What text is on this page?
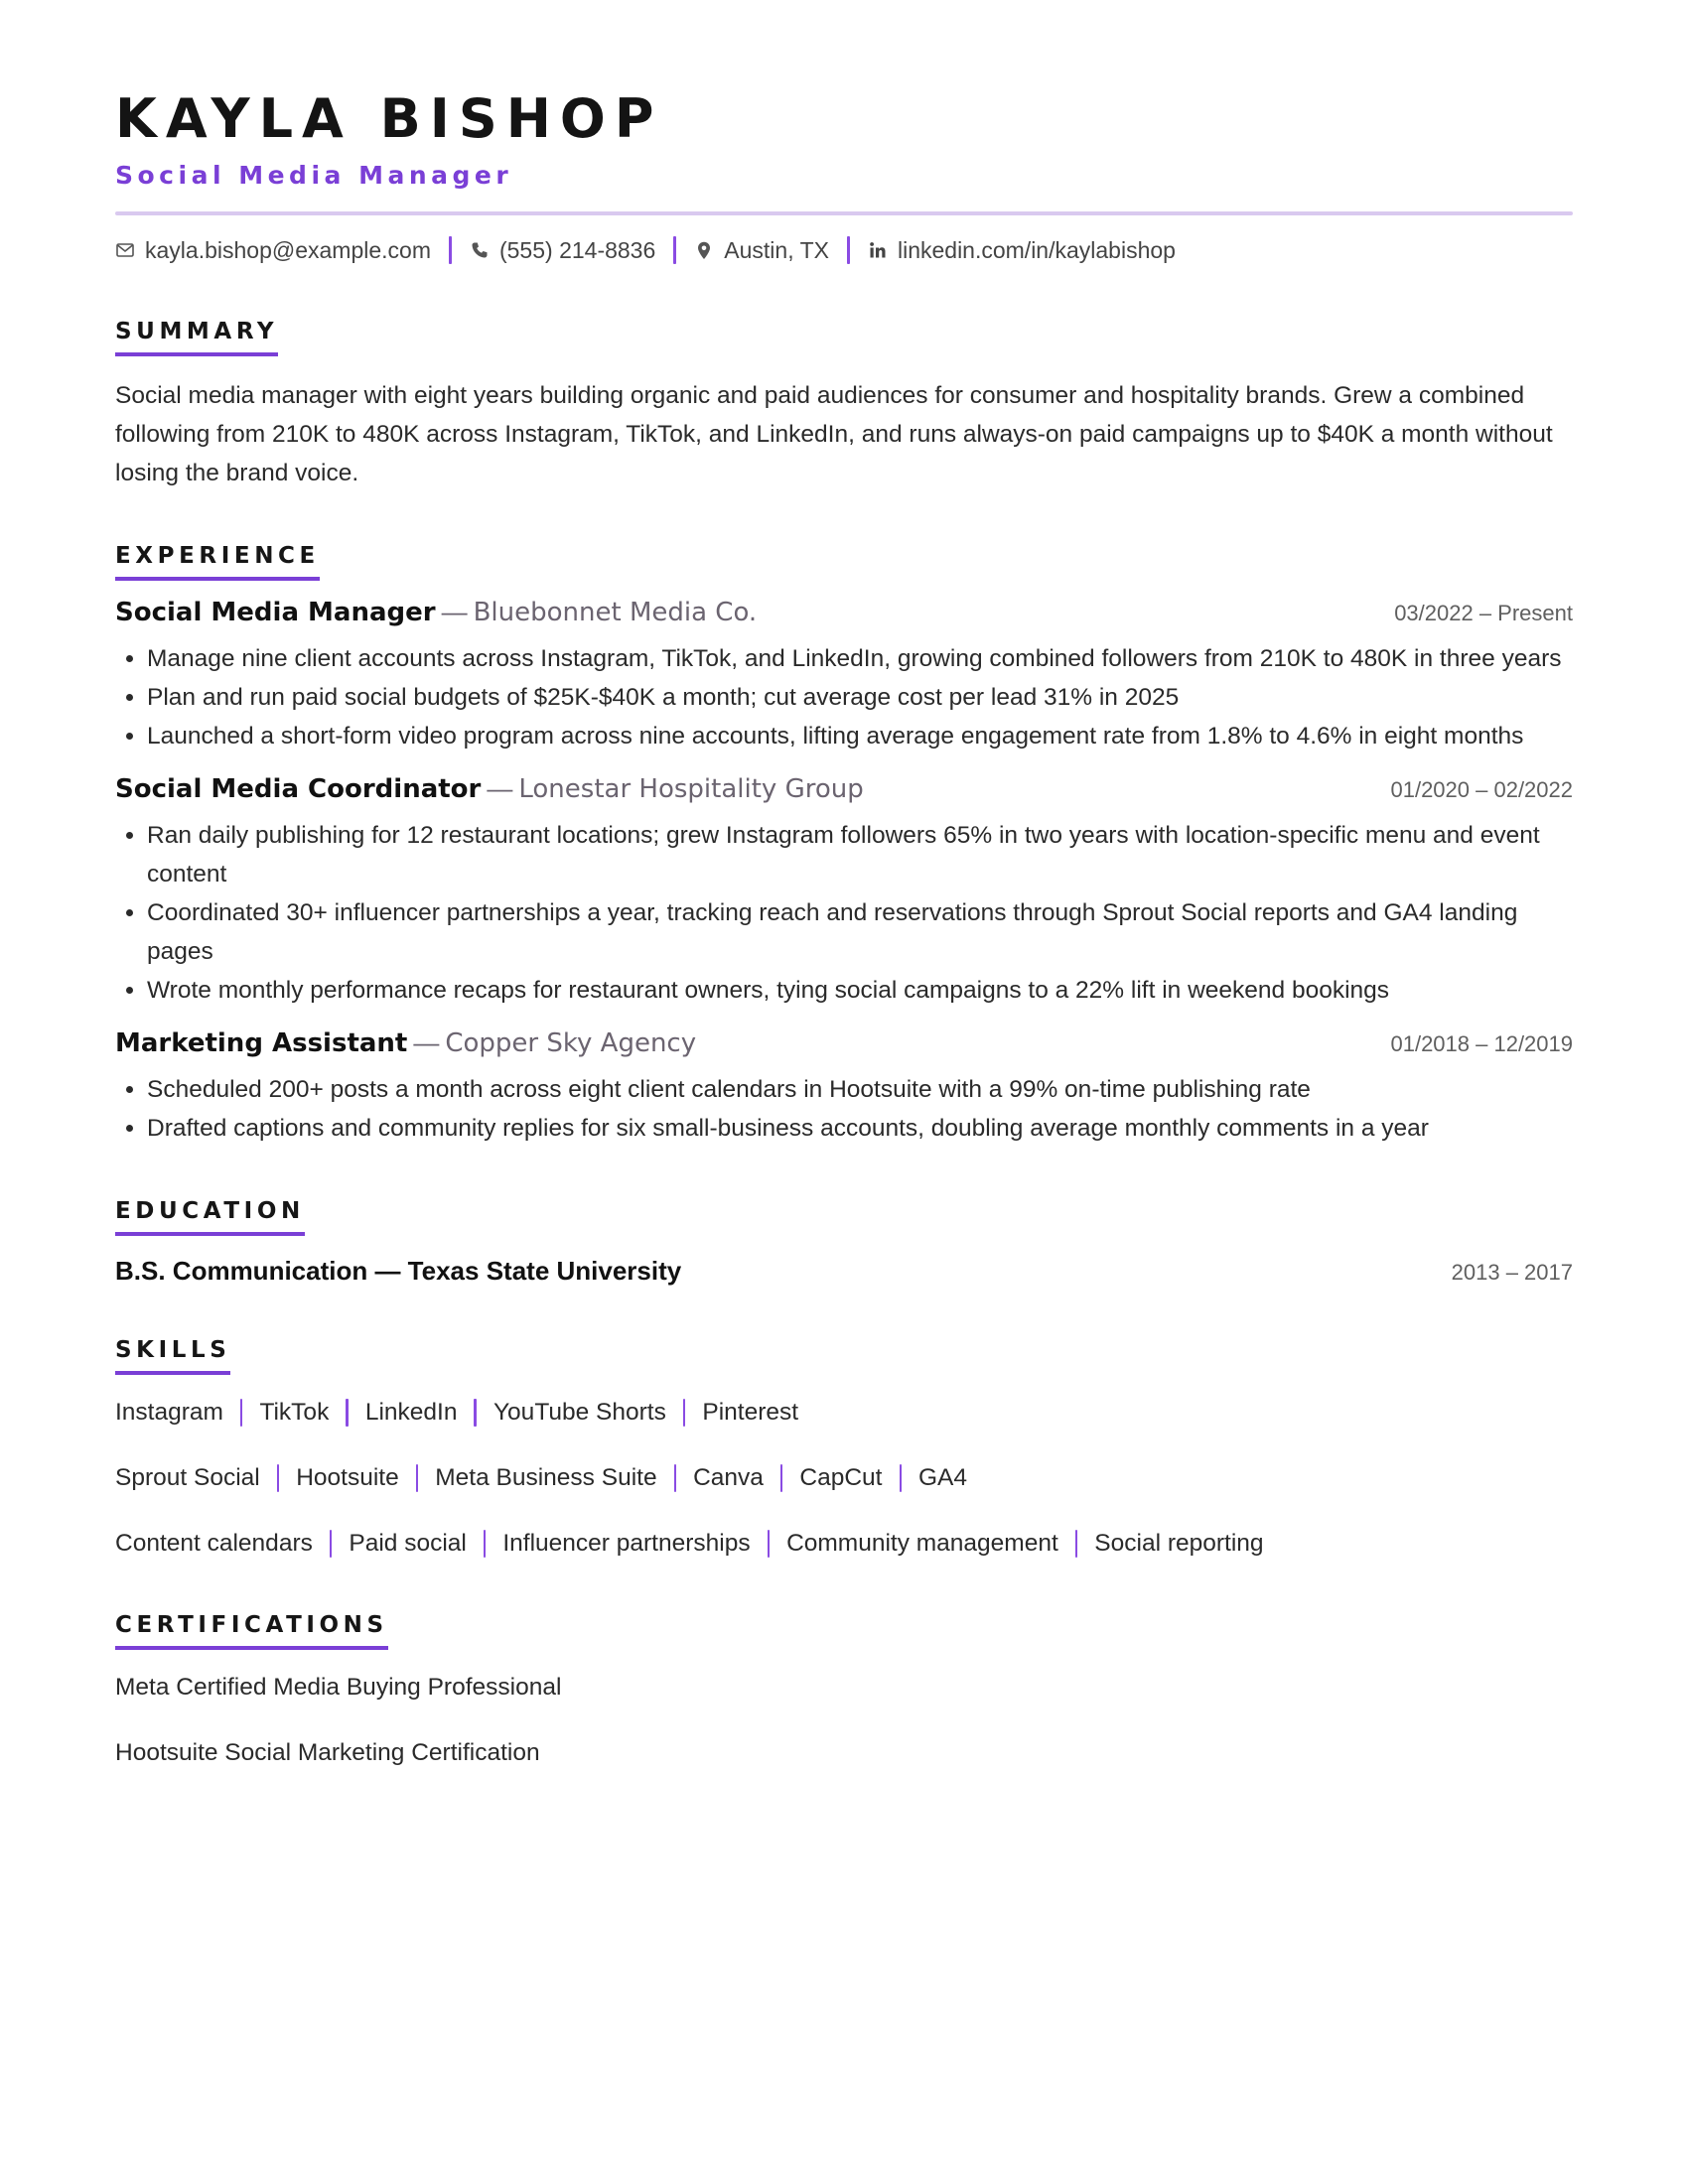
KAYLA BISHOP
Social Media Manager
kayla.bishop@example.com	(555) 214-8836	Austin, TX	linkedin.com/in/kaylabishop
SUMMARY

Social media manager with eight years building organic and paid audiences for consumer and hospitality brands. Grew a combined following from 210K to 480K across Instagram, TikTok, and LinkedIn, and runs always-on paid campaigns up to $40K a month without losing the brand voice.

EXPERIENCE
Social Media Manager — Bluebonnet Media Co.	03/2022 – Present
• Manage nine client accounts across Instagram, TikTok, and LinkedIn, growing combined followers from 210K to 480K in three years
• Plan and run paid social budgets of $25K-$40K a month; cut average cost per lead 31% in 2025
• Launched a short-form video program across nine accounts, lifting average engagement rate from 1.8% to 4.6% in eight months
Social Media Coordinator — Lonestar Hospitality Group	01/2020 – 02/2022
• Ran daily publishing for 12 restaurant locations; grew Instagram followers 65% in two years with location-specific menu and event content
• Coordinated 30+ influencer partnerships a year, tracking reach and reservations through Sprout Social reports and GA4 landing pages
• Wrote monthly performance recaps for restaurant owners, tying social campaigns to a 22% lift in weekend bookings
Marketing Assistant — Copper Sky Agency	01/2018 – 12/2019
• Scheduled 200+ posts a month across eight client calendars in Hootsuite with a 99% on-time publishing rate
• Drafted captions and community replies for six small-business accounts, doubling average monthly comments in a year
EDUCATION
B.S. Communication — Texas State University	2013 – 2017
SKILLS
Instagram TikTok LinkedIn YouTube Shorts Pinterest
Sprout Social Hootsuite Meta Business Suite Canva CapCut GA4
Content calendars Paid social Influencer partnerships Community management Social reporting
CERTIFICATIONS
Meta Certified Media Buying Professional
Hootsuite Social Marketing Certification
